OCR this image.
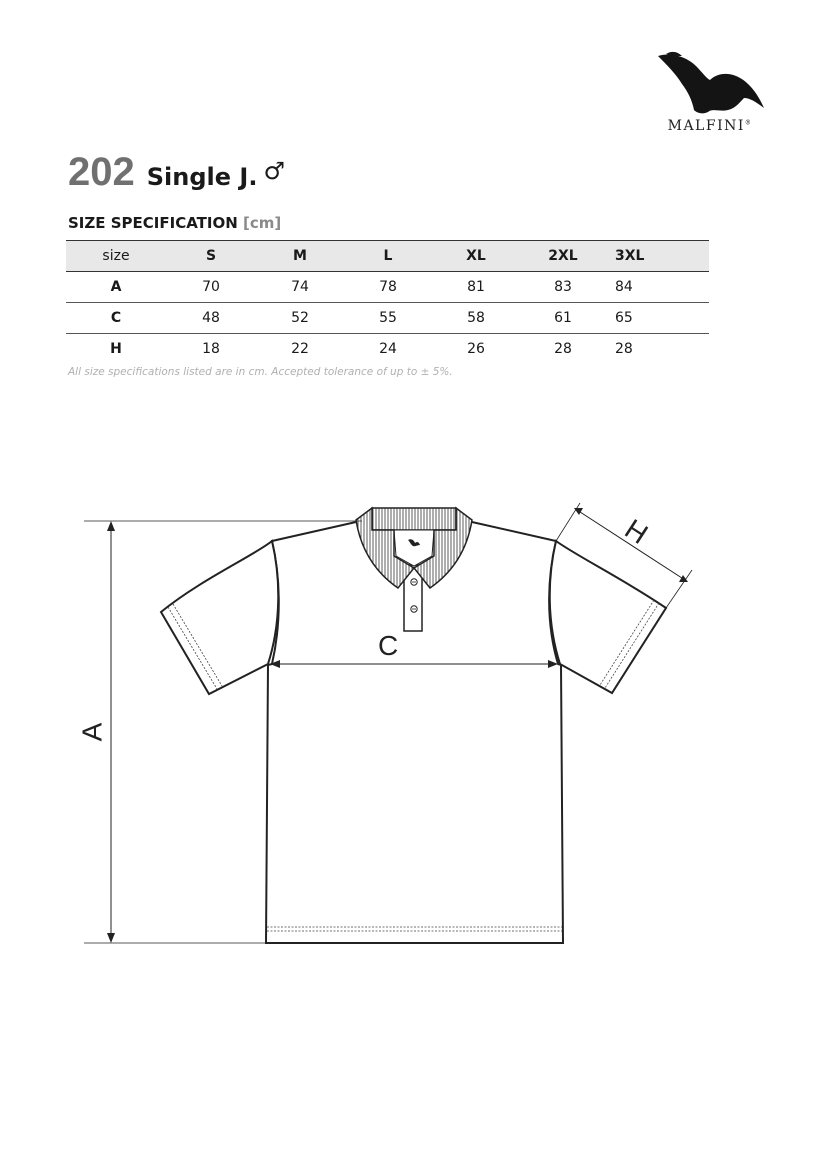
MALFINI®
202 Single J. ♂
SIZE SPECIFICATION [cm]
size	S	M	L	XL	2XL	3XL
A	70	74	78	81	83	84
C	48	52	55	58	61	65
H	18	22	24	26	28	28
All size specifications listed are in cm. Accepted tolerance of up to ± 5%.
A
C
H
